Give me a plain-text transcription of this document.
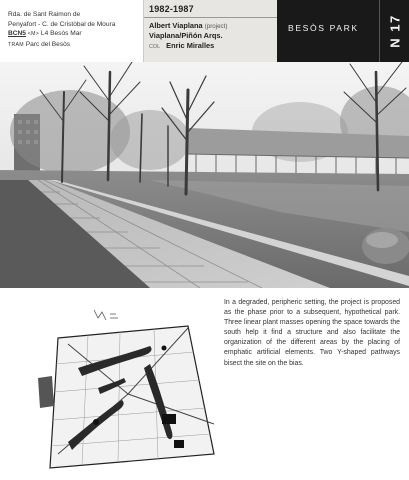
Rda. de Sant Raimon de
Penyafort - C. de Cristòbal de Moura
BCN5 <M> L4 Besòs Mar
TRAM Parc del Besòs
1982-1987
Albert Viaplana (project)
Viaplana/Piñón Arqs.
COL Enric Miralles
BESÒS PARK N 17
In a degraded, peripheric setting, the project is proposed as the phase prior to a subsequent, hypothetical park. Three linear plant masses opening the space towards the south help it find a structure and also facilitate the organization of the different areas by the placing of emphatic artificial elements. Two Y-shaped pathways bisect the site on the bias.
